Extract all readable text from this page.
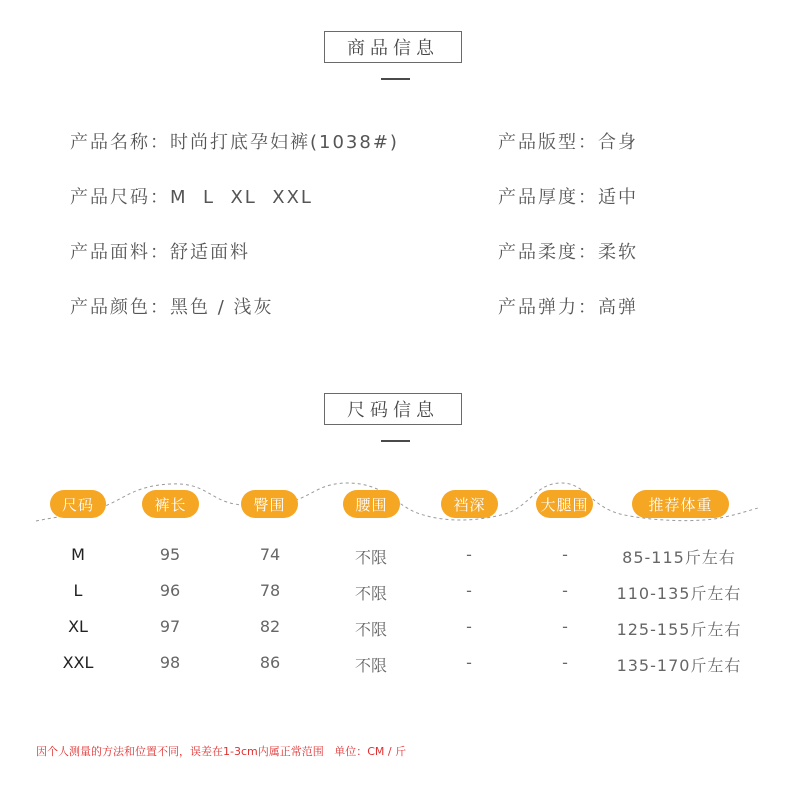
商品信息
产品名称：时尚打底孕妇裤(1038#)
产品尺码：M  L  XL  XXL
产品面料：舒适面料
产品颜色：黑色 / 浅灰
产品版型：合身
产品厚度：适中
产品柔度：柔软
产品弹力：高弹
尺码信息
尺码	裤长	臀围	腰围	裆深	大腿围	推荐体重
M	95	74	不限	-	-	85-115斤左右
L	96	78	不限	-	-	110-135斤左右
XL	97	82	不限	-	-	125-155斤左右
XXL	98	86	不限	-	-	135-170斤左右
因个人测量的方法和位置不同，误差在1-3cm内属正常范围   单位：CM / 斤
